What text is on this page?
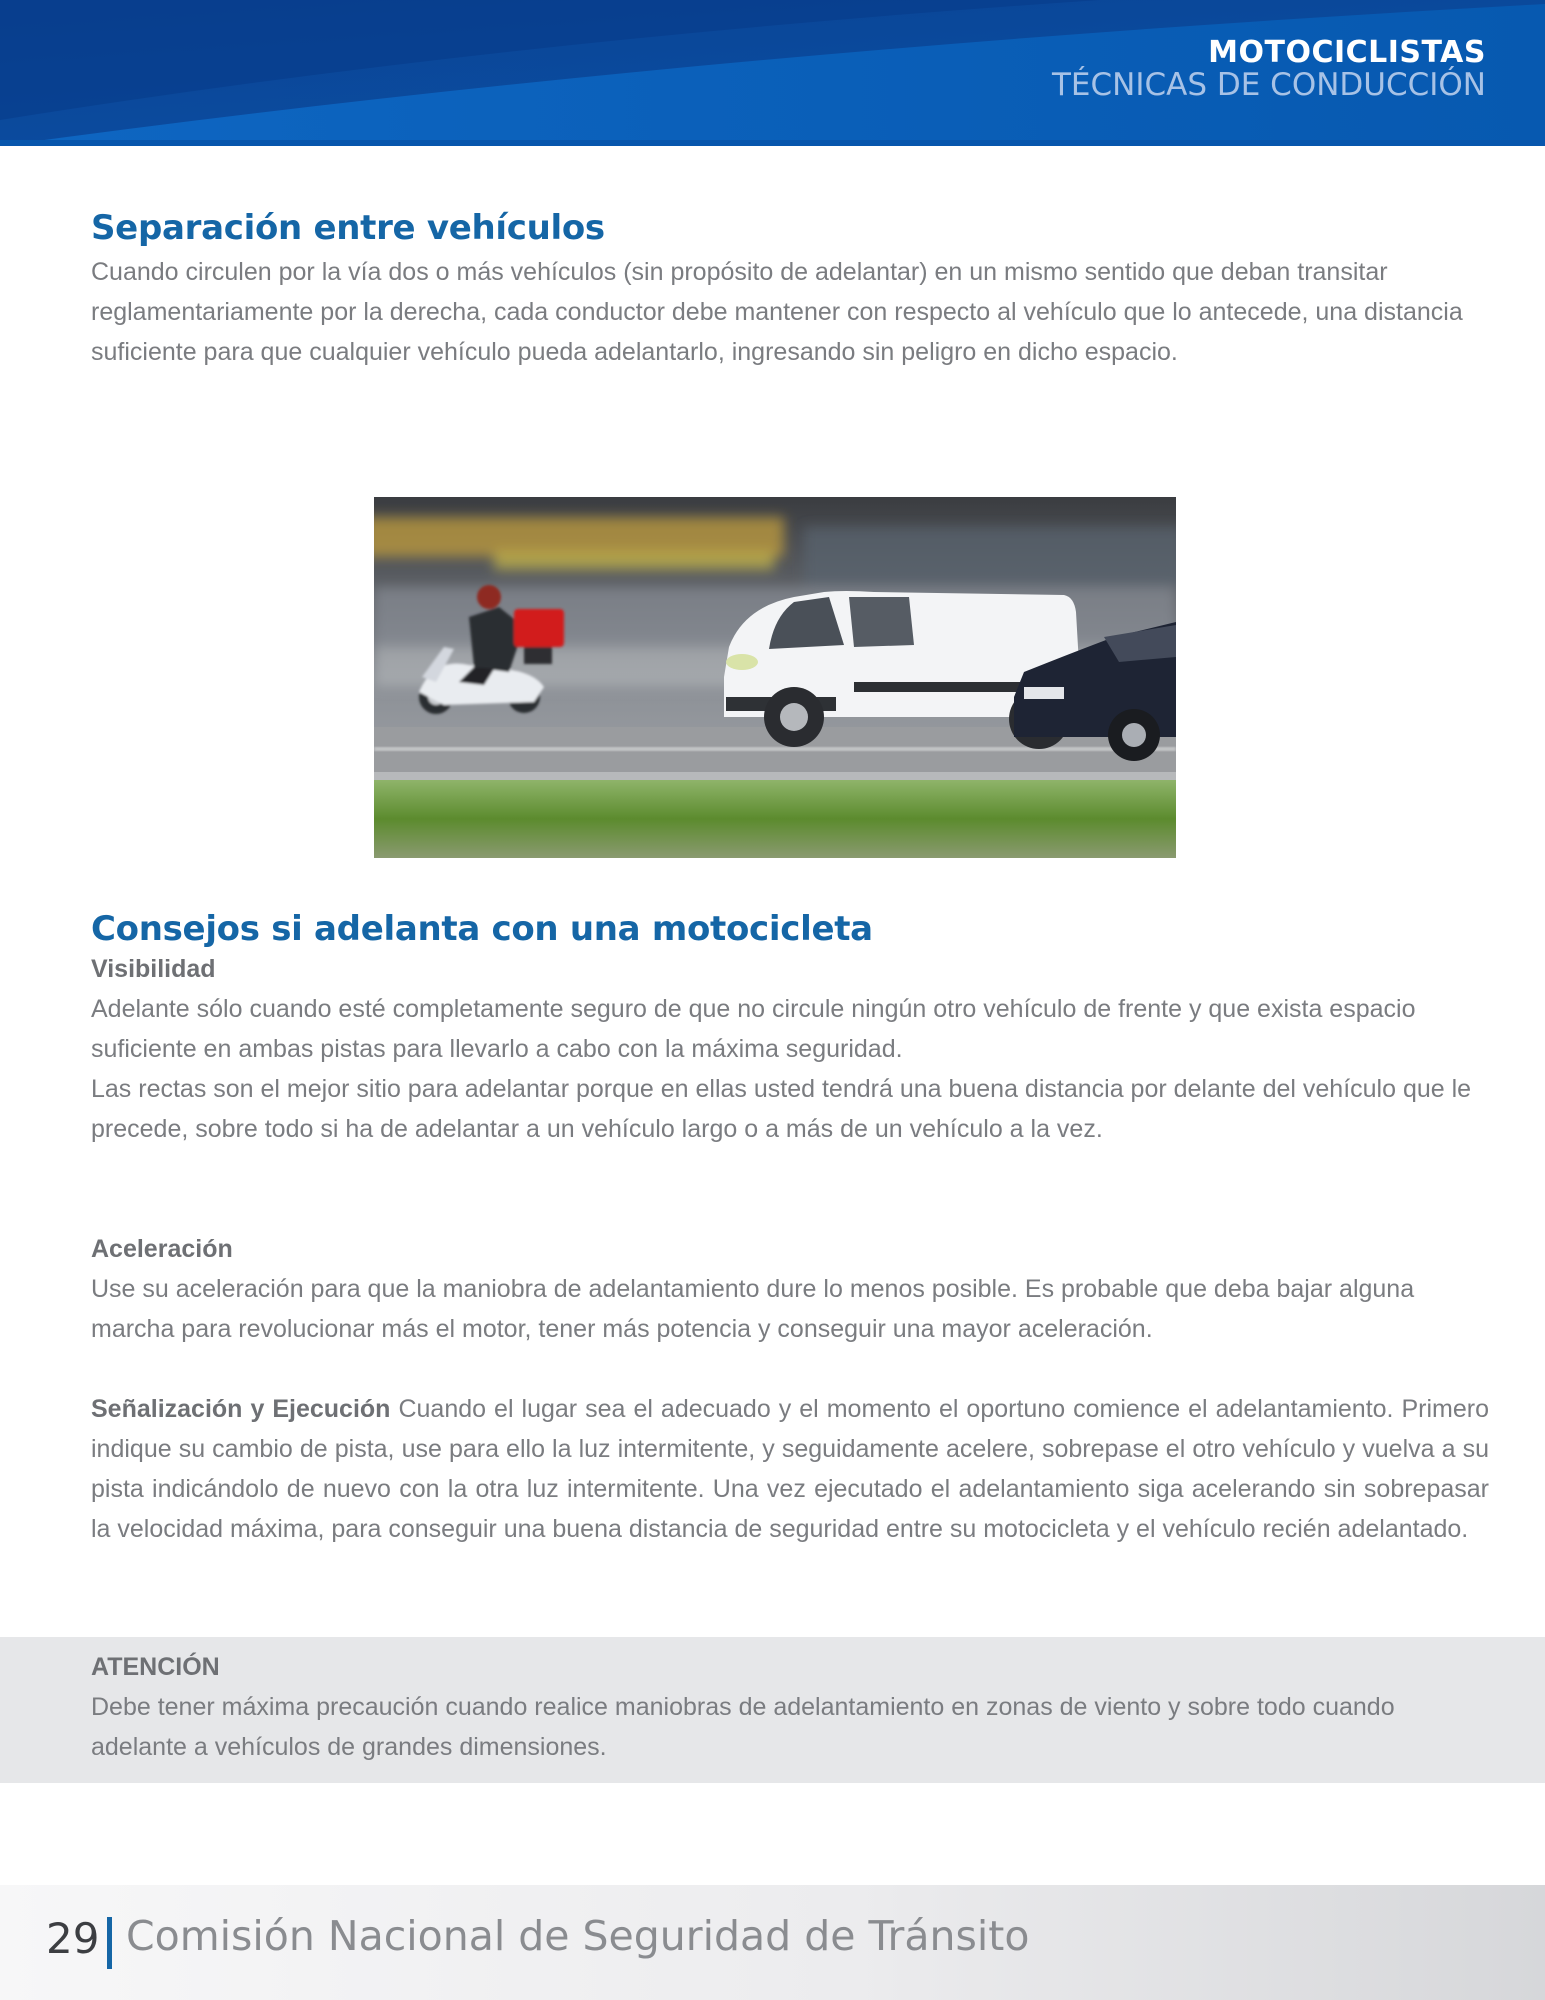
MOTOCICLISTAS
TÉCNICAS DE CONDUCCIÓN
Separación entre vehículos

Cuando circulen por la vía dos o más vehículos (sin propósito de adelantar) en un mismo sentido que deban transitar reglamentariamente por la derecha, cada conductor debe mantener con respecto al vehículo que lo antecede, una distancia suficiente para que cualquier vehículo pueda adelantarlo, ingresando sin peligro en dicho espacio.

Consejos si adelanta con una motocicleta
Visibilidad

Adelante sólo cuando esté completamente seguro de que no circule ningún otro vehículo de frente y que exista espacio suficiente en ambas pistas para llevarlo a cabo con la máxima seguridad.

Las rectas son el mejor sitio para adelantar porque en ellas usted tendrá una buena distancia por delante del vehículo que le precede, sobre todo si ha de adelantar a un vehículo largo o a más de un vehículo a la vez.

Aceleración

Use su aceleración para que la maniobra de adelantamiento dure lo menos posible. Es probable que deba bajar alguna marcha para revolucionar más el motor, tener más potencia y conseguir una mayor aceleración.

Señalización y Ejecución Cuando el lugar sea el adecuado y el momento el oportuno comience el adelantamiento. Primero indique su cambio de pista, use para ello la luz intermitente, y seguidamente acelere, sobrepase el otro vehículo y vuelva a su pista indicándolo de nuevo con la otra luz intermitente. Una vez ejecutado el adelantamiento siga acelerando sin sobrepasar la velocidad máxima, para conseguir una buena distancia de seguridad entre su motocicleta y el vehículo recién adelantado.

ATENCIÓN

Debe tener máxima precaución cuando realice maniobras de adelantamiento en zonas de viento y sobre todo cuando adelante a vehículos de grandes dimensiones.

29 Comisión Nacional de Seguridad de Tránsito
